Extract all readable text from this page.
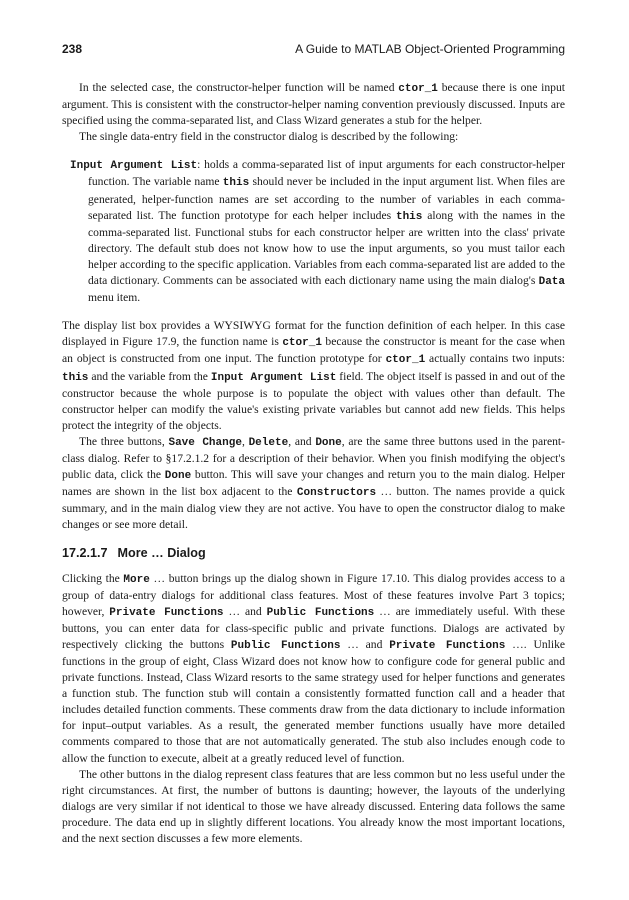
238	A Guide to MATLAB Object-Oriented Programming

In the selected case, the constructor-helper function will be named ctor_1 because there is one input argument. This is consistent with the constructor-helper naming convention previously discussed. Inputs are specified using the comma-separated list, and Class Wizard generates a stub for the helper.

The single data-entry field in the constructor dialog is described by the following:

Input Argument List: holds a comma-separated list of input arguments for each constructor-helper function. The variable name this should never be included in the input argument list. When files are generated, helper-function names are set according to the number of variables in each comma-separated list. The function prototype for each helper includes this along with the names in the comma-separated list. Functional stubs for each constructor helper are written into the class' private directory. The default stub does not know how to use the input arguments, so you must tailor each helper according to the specific application. Variables from each comma-separated list are added to the data dictionary. Comments can be associated with each dictionary name using the main dialog's Data menu item.

The display list box provides a WYSIWYG format for the function definition of each helper. In this case displayed in Figure 17.9, the function name is ctor_1 because the constructor is meant for the case when an object is constructed from one input. The function prototype for ctor_1 actually contains two inputs: this and the variable from the Input Argument List field. The object itself is passed in and out of the constructor because the whole purpose is to populate the object with values other than default. The constructor helper can modify the value's existing private variables but cannot add new fields. This helps protect the integrity of the objects.

The three buttons, Save Change, Delete, and Done, are the same three buttons used in the parent-class dialog. Refer to §17.2.1.2 for a description of their behavior. When you finish modifying the object's public data, click the Done button. This will save your changes and return you to the main dialog. Helper names are shown in the list box adjacent to the Constructors … button. The names provide a quick summary, and in the main dialog view they are not active. You have to open the constructor dialog to make changes or see more detail.

17.2.1.7 More … Dialog

Clicking the More … button brings up the dialog shown in Figure 17.10. This dialog provides access to a group of data-entry dialogs for additional class features. Most of these features involve Part 3 topics; however, Private Functions … and Public Functions … are immediately useful. With these buttons, you can enter data for class-specific public and private functions. Dialogs are activated by respectively clicking the buttons Public Functions … and Private Functions …. Unlike functions in the group of eight, Class Wizard does not know how to configure code for general public and private functions. Instead, Class Wizard resorts to the same strategy used for helper functions and generates a function stub. The function stub will contain a consistently formatted function call and a header that includes detailed function comments. These comments draw from the data dictionary to include information for input–output variables. As a result, the generated member functions usually have more detailed comments compared to those that are not automatically generated. The stub also includes enough code to allow the function to execute, albeit at a greatly reduced level of function.

The other buttons in the dialog represent class features that are less common but no less useful under the right circumstances. At first, the number of buttons is daunting; however, the layouts of the underlying dialogs are very similar if not identical to those we have already discussed. Entering data follows the same procedure. The data end up in slightly different locations. You already know the most important locations, and the next section discusses a few more elements.
